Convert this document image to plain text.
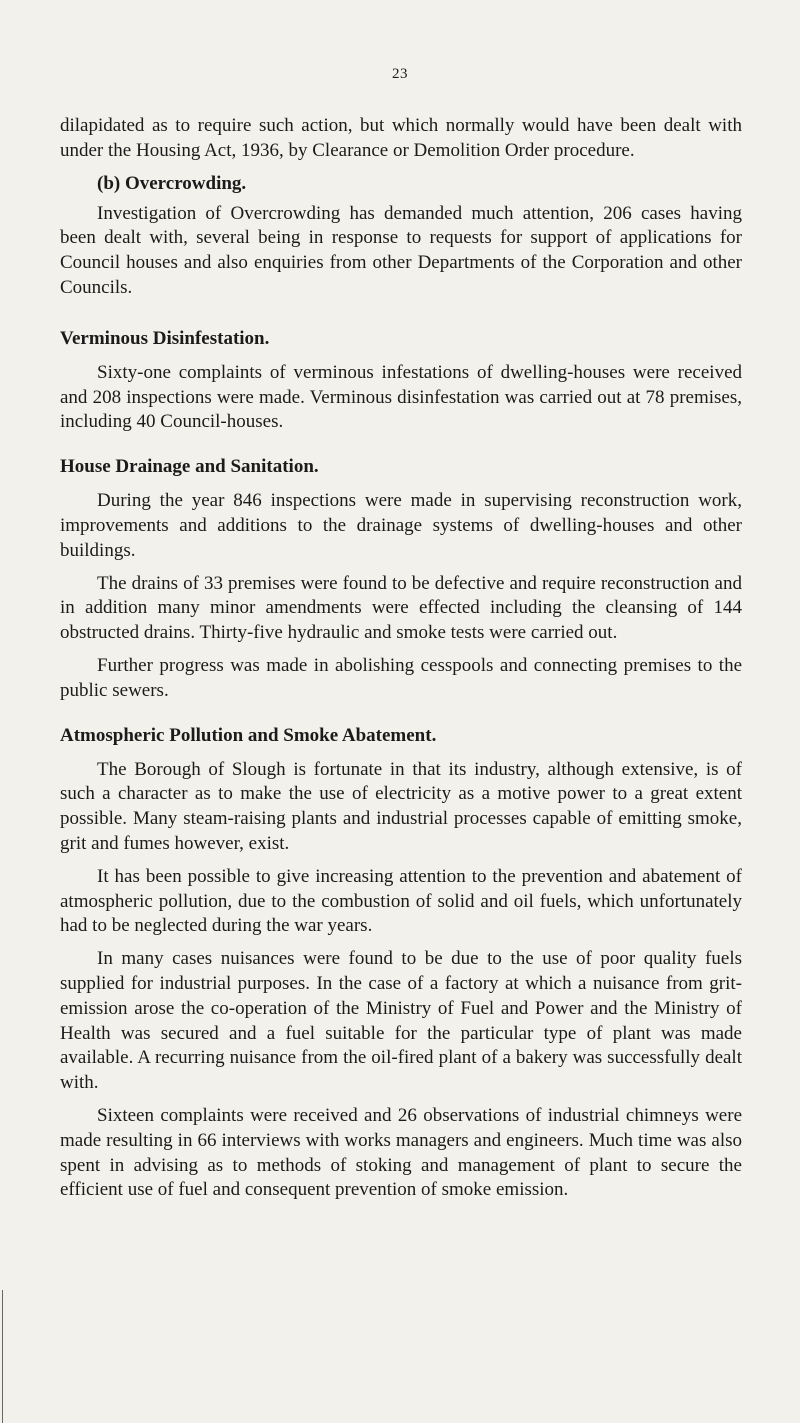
23

dilapidated as to require such action, but which normally would have been dealt with under the Housing Act, 1936, by Clearance or Demolition Order procedure.

(b) Overcrowding.

Investigation of Overcrowding has demanded much attention, 206 cases having been dealt with, several being in response to requests for support of applications for Council houses and also enquiries from other Departments of the Corporation and other Councils.

Verminous Disinfestation.

Sixty-one complaints of verminous infestations of dwelling-houses were received and 208 inspections were made. Verminous disinfestation was carried out at 78 premises, including 40 Council-houses.

House Drainage and Sanitation.

During the year 846 inspections were made in supervising reconstruction work, improvements and additions to the drainage systems of dwelling-houses and other buildings.

The drains of 33 premises were found to be defective and require reconstruction and in addition many minor amendments were effected including the cleansing of 144 obstructed drains. Thirty-five hydraulic and smoke tests were carried out.

Further progress was made in abolishing cesspools and connecting premises to the public sewers.

Atmospheric Pollution and Smoke Abatement.

The Borough of Slough is fortunate in that its industry, although extensive, is of such a character as to make the use of electricity as a motive power to a great extent possible. Many steam-raising plants and industrial processes capable of emitting smoke, grit and fumes however, exist.

It has been possible to give increasing attention to the prevention and abatement of atmospheric pollution, due to the combustion of solid and oil fuels, which unfortunately had to be neglected during the war years.

In many cases nuisances were found to be due to the use of poor quality fuels supplied for industrial purposes. In the case of a factory at which a nuisance from grit-emission arose the co-operation of the Ministry of Fuel and Power and the Ministry of Health was secured and a fuel suitable for the particular type of plant was made available. A recurring nuisance from the oil-fired plant of a bakery was successfully dealt with.

Sixteen complaints were received and 26 observations of industrial chimneys were made resulting in 66 interviews with works managers and engineers. Much time was also spent in advising as to methods of stoking and management of plant to secure the efficient use of fuel and consequent prevention of smoke emission.
